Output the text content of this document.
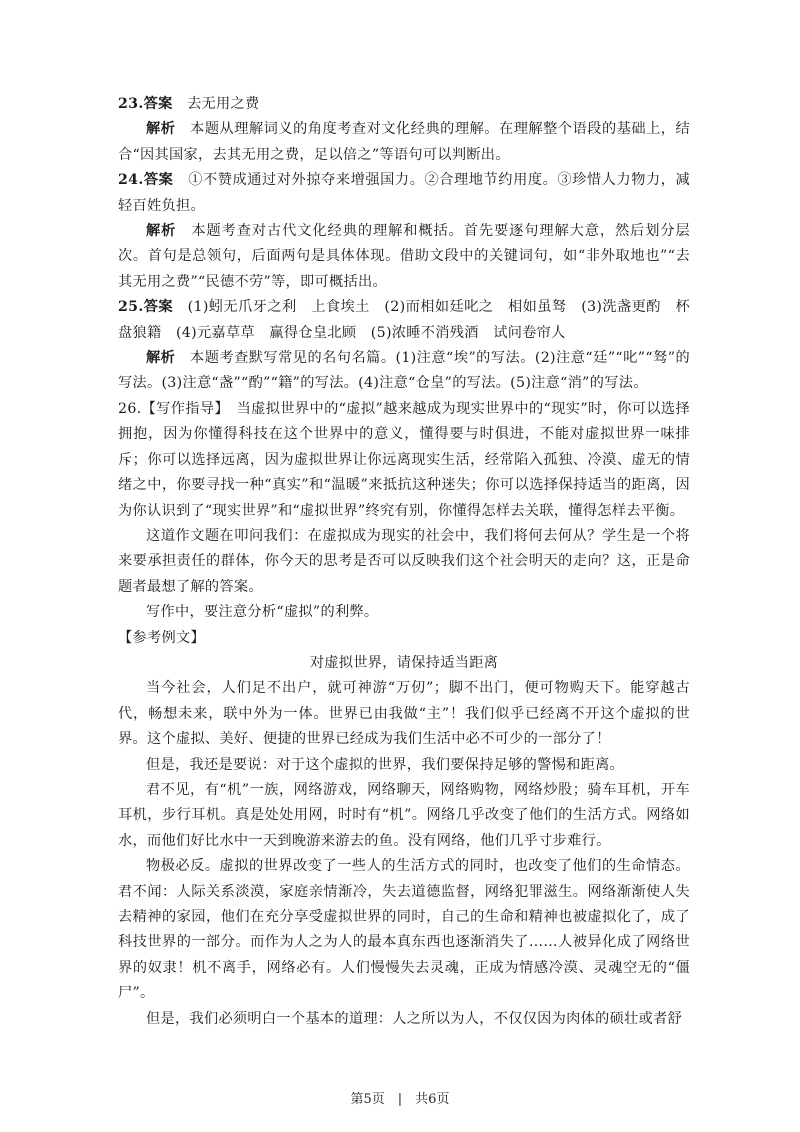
23.答案　 去无用之费

解析　 本题从理解词义的角度考查对文化经典的理解。在理解整个语段的基础上，结合“因其国家，去其无用之费，足以倍之”等语句可以判断出。

24.答案　 ①不赞成通过对外掠夺来增强国力。②合理地节约用度。③珍惜人力物力，减轻百姓负担。

解析　 本题考查对古代文化经典的理解和概括。首先要逐句理解大意，然后划分层次。首句是总领句，后面两句是具体体现。借助文段中的关键词句，如“非外取地也”“去其无用之费”“民德不劳”等，即可概括出。

25.答案　 (1)蚓无爪牙之利　上食埃土　(2)而相如廷叱之　相如虽驽　(3)洗盏更酌　杯盘狼籍　(4)元嘉草草　赢得仓皇北顾　(5)浓睡不消残酒　试问卷帘人

解析　 本题考查默写常见的名句名篇。(1)注意“埃”的写法。(2)注意“廷”“叱”“驽”的写法。(3)注意“盏”“酌”“籍”的写法。(4)注意“仓皇”的写法。(5)注意“消”的写法。

26.【写作指导】　 当虚拟世界中的“虚拟”越来越成为现实世界中的“现实”时，你可以选择拥抱，因为你懂得科技在这个世界中的意义，懂得要与时俱进，不能对虚拟世界一味排斥；你可以选择远离，因为虚拟世界让你远离现实生活，经常陷入孤独、冷漠、虚无的情绪之中，你要寻找一种“真实”和“温暖”来抵抗这种迷失；你可以选择保持适当的距离，因为你认识到了“现实世界”和“虚拟世界”终究有别，你懂得怎样去关联，懂得怎样去平衡。

这道作文题在叩问我们：在虚拟成为现实的社会中，我们将何去何从？学生是一个将来要承担责任的群体，你今天的思考是否可以反映我们这个社会明天的走向？这，正是命题者最想了解的答案。

写作中，要注意分析“虚拟”的利弊。

【参考例文】

对虚拟世界，请保持适当距离

当今社会，人们足不出户，就可神游“万仞”；脚不出门，便可物购天下。能穿越古代，畅想未来，联中外为一体。世界已由我做“主”！我们似乎已经离不开这个虚拟的世界。这个虚拟、美好、便捷的世界已经成为我们生活中必不可少的一部分了！

但是，我还是要说：对于这个虚拟的世界，我们要保持足够的警惕和距离。

君不见，有“机”一族，网络游戏，网络聊天，网络购物，网络炒股；骑车耳机，开车耳机，步行耳机。真是处处用网，时时有“机”。网络几乎改变了他们的生活方式。网络如水，而他们好比水中一天到晚游来游去的鱼。没有网络，他们几乎寸步难行。

物极必反。虚拟的世界改变了一些人的生活方式的同时，也改变了他们的生命情态。君不闻：人际关系淡漠，家庭亲情渐冷，失去道德监督，网络犯罪滋生。网络渐渐使人失去精神的家园，他们在充分享受虚拟世界的同时，自己的生命和精神也被虚拟化了，成了科技世界的一部分。而作为人之为人的最本真东西也逐渐消失了……人被异化成了网络世界的奴隶！机不离手，网络必有。人们慢慢失去灵魂，正成为情感冷漠、灵魂空无的“僵尸”。

但是，我们必须明白一个基本的道理：人之所以为人，不仅仅因为肉体的硕壮或者舒

第5页　|　共6页
